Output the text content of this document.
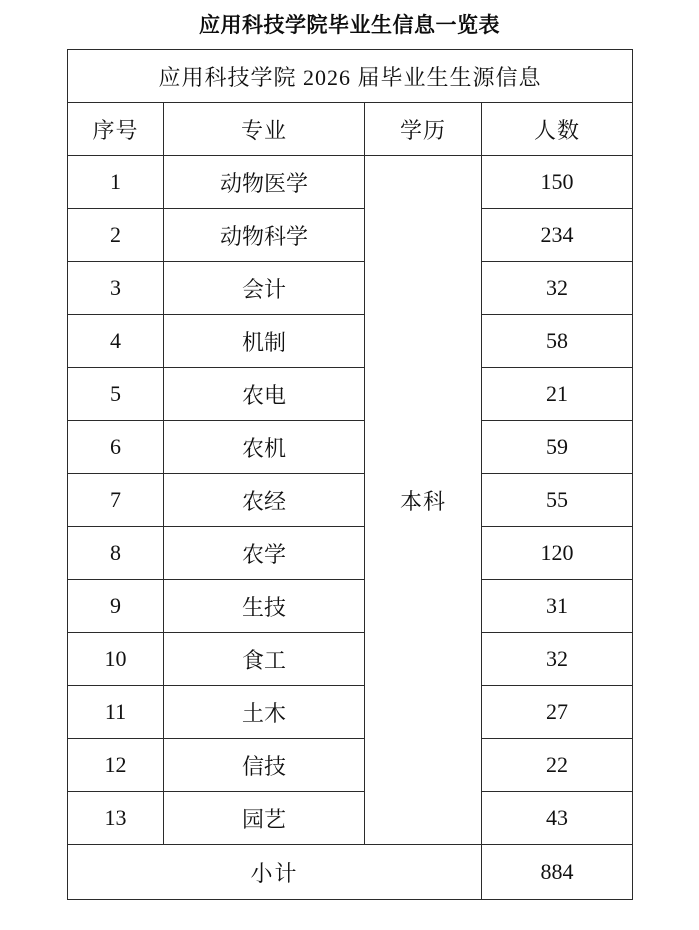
应用科技学院毕业生信息一览表
应用科技学院 2026 届毕业生生源信息			
序号	专业	学历	人数
1	动物医学	本科	150
2	动物科学		234
3	会计		32
4	机制		58
5	农电		21
6	农机		59
7	农经		55
8	农学		120
9	生技		31
10	食工		32
11	土木		27
12	信技		22
13	园艺		43
小计			884
